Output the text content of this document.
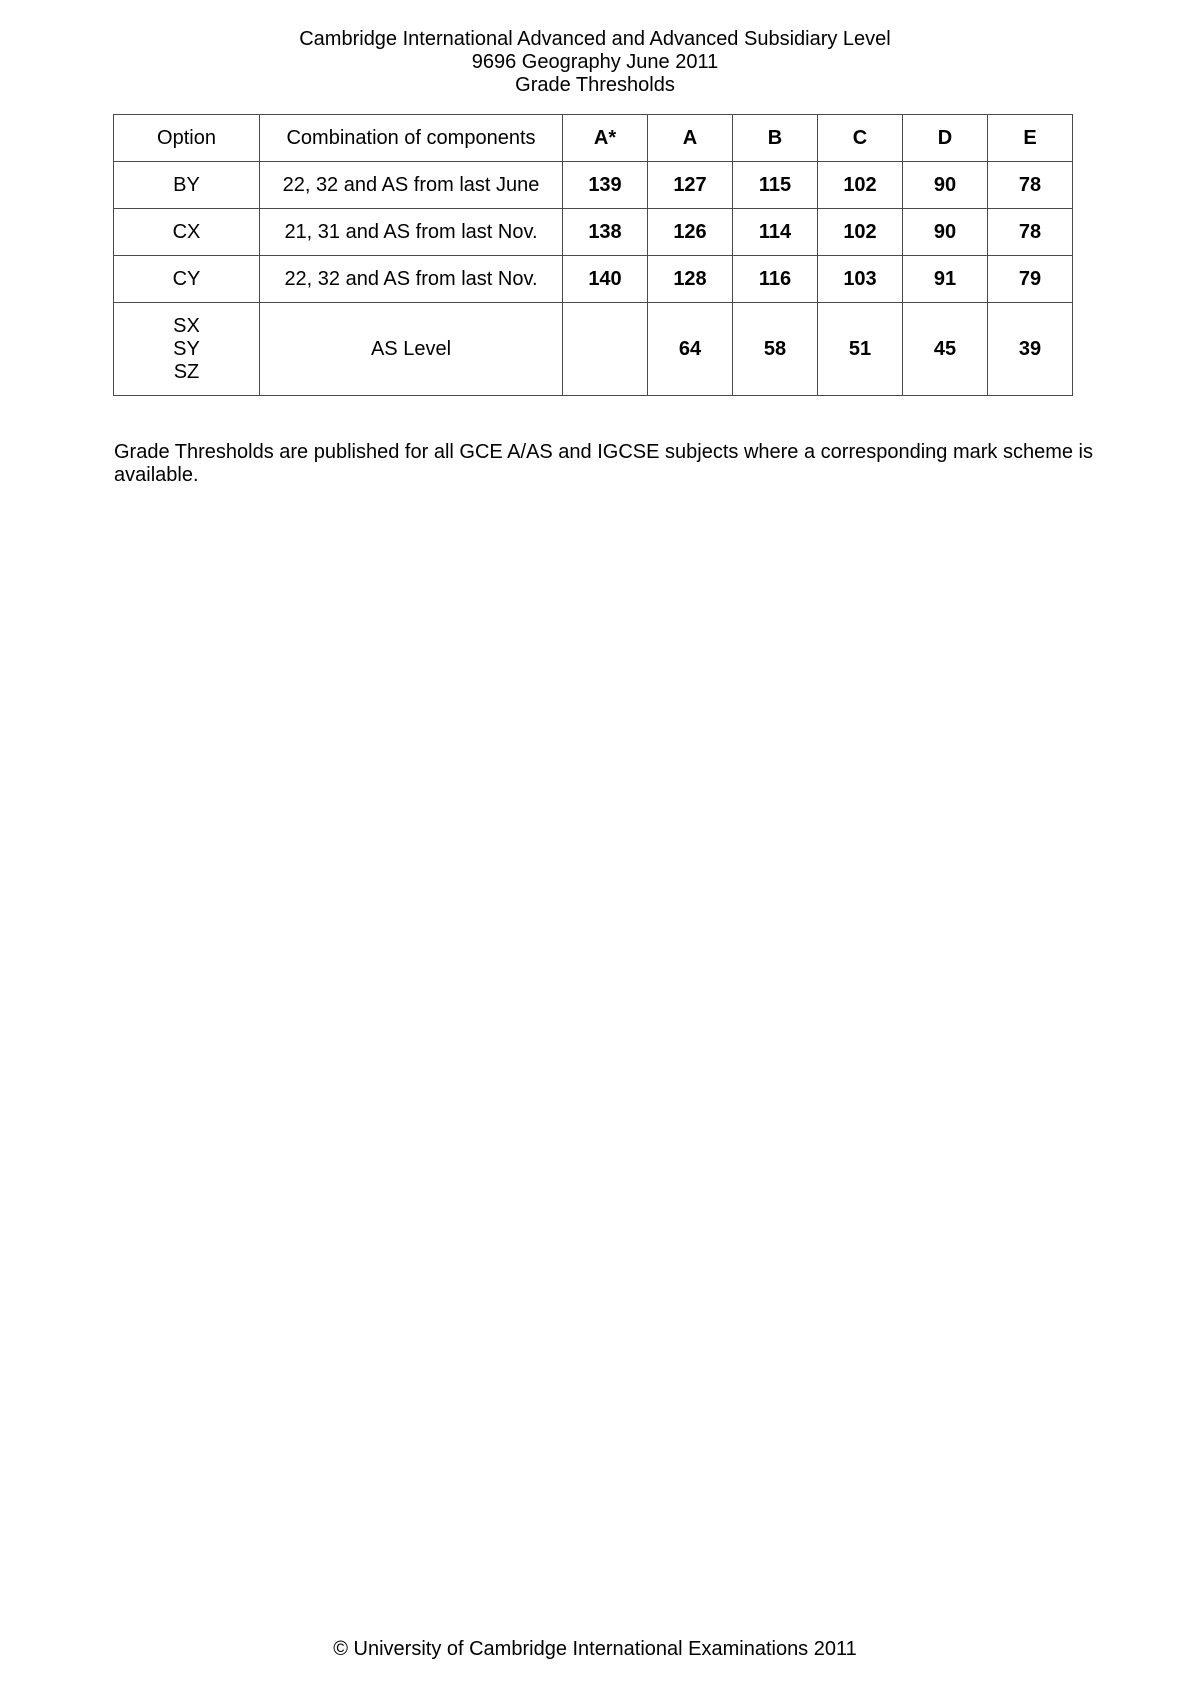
Cambridge International Advanced and Advanced Subsidiary Level
9696 Geography June 2011
Grade Thresholds
Option	Combination of components	A*	A	B	C	D	E
BY	22, 32 and AS from last June	139	127	115	102	90	78
CX	21, 31 and AS from last Nov.	138	126	114	102	90	78
CY	22, 32 and AS from last Nov.	140	128	116	103	91	79

SX
SY
SZ	AS Level		64	58	51	45	39
Grade Thresholds are published for all GCE A/AS and IGCSE subjects where a corresponding mark scheme is available.
© University of Cambridge International Examinations 2011
